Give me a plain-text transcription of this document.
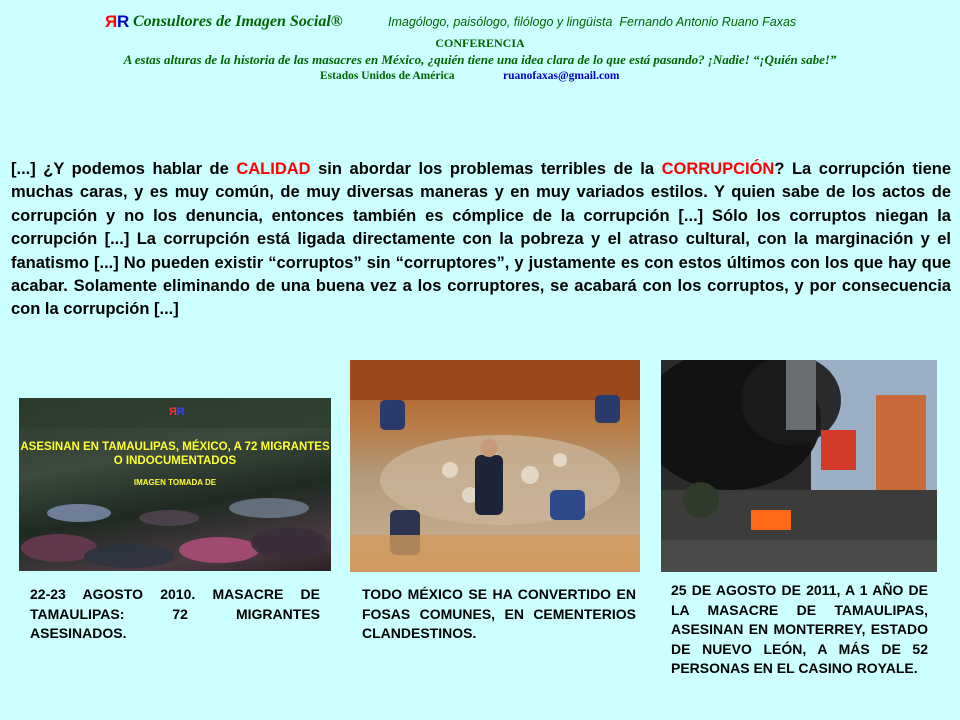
Я R Consultores de Imagen Social®	Imagólogo, paisólogo, filólogo y lingüista Fernando Antonio Ruano Faxas
CONFERENCIA
A estas alturas de la historia de las masacres en México, ¿quién tiene una idea clara de lo que está pasando? ¡Nadie! “¡Quién sabe!”
Estados Unidos de América	ruanofaxas@gmail.com
[...] ¿Y podemos hablar de CALIDAD sin abordar los problemas terribles de la CORRUPCIÓN? La corrupción tiene muchas caras, y es muy común, de muy diversas maneras y en muy variados estilos. Y quien sabe de los actos de corrupción y no los denuncia, entonces también es cómplice de la corrupción [...] Sólo los corruptos niegan la corrupción [...] La corrupción está ligada directamente con la pobreza y el atraso cultural, con la marginación y el fanatismo [...] No pueden existir “corruptos” sin “corruptores”, y justamente es con estos últimos con los que hay que acabar. Solamente eliminando de una buena vez a los corruptores, se acabará con los corruptos, y por consecuencia con la corrupción [...]
ЯR
ASESINAN EN TAMAULIPAS, MÉXICO, A 72 MIGRANTES O INDOCUMENTADOS
IMAGEN TOMADA DE
22-23 AGOSTO 2010. MASACRE DE TAMAULIPAS: 72 MIGRANTES ASESINADOS.
TODO MÉXICO SE HA CONVERTIDO EN FOSAS COMUNES, EN CEMENTERIOS CLANDESTINOS.
25 DE AGOSTO DE 2011, A 1 AÑO DE LA MASACRE DE TAMAULIPAS, ASESINAN EN MONTERREY, ESTADO DE NUEVO LEÓN, A MÁS DE 52 PERSONAS EN EL CASINO ROYALE.
